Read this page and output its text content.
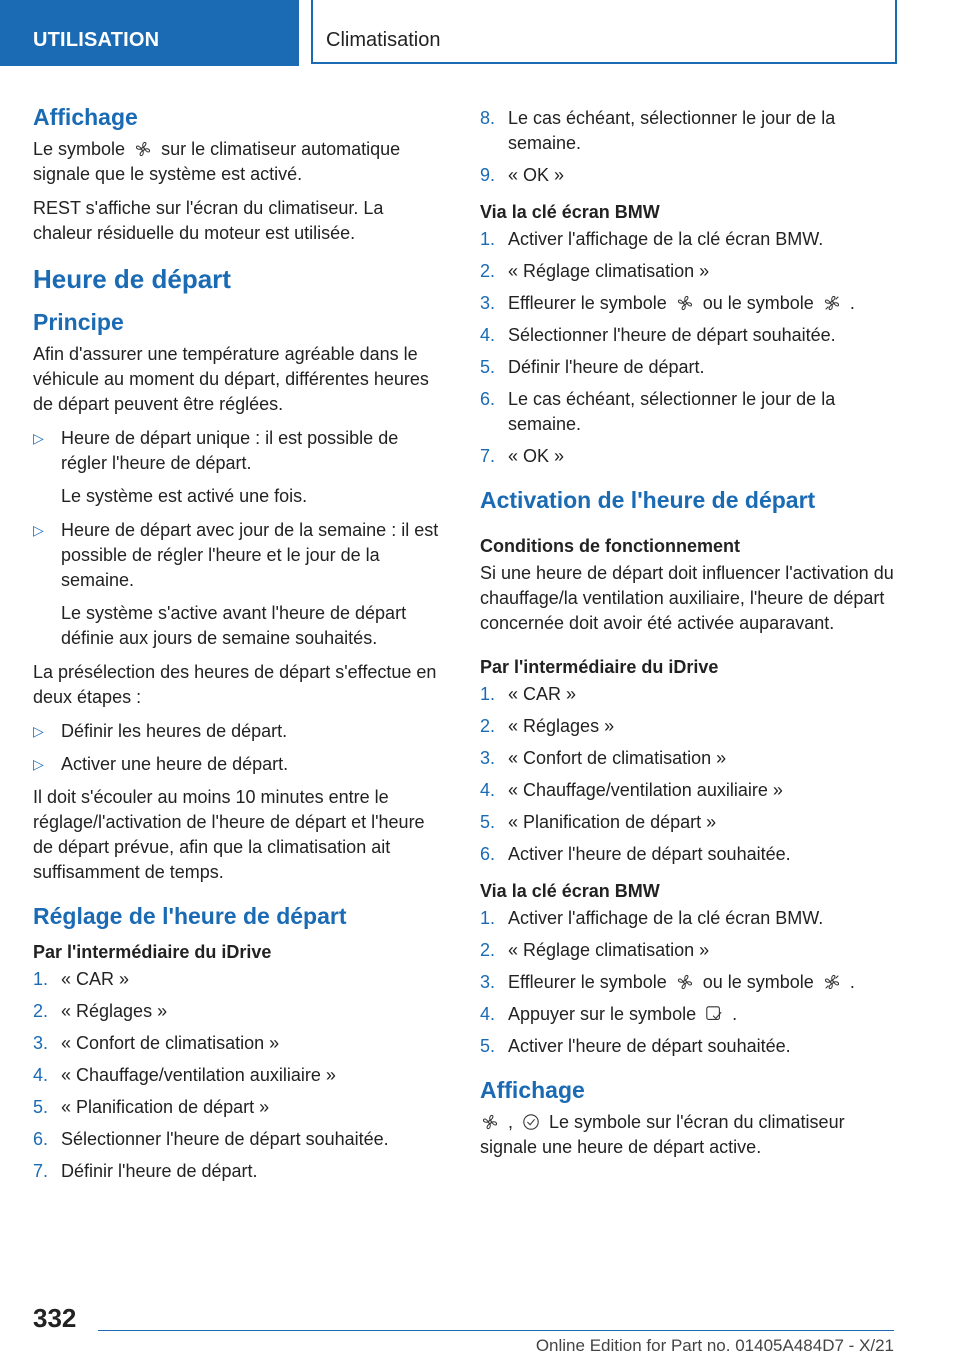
UTILISATION	Climatisation
Affichage

Le symbole sur le climatiseur automatique signale que le système est activé.

REST s'affiche sur l'écran du climatiseur. La chaleur résiduelle du moteur est utilisée.

Heure de départ
Principe

Afin d'assurer une température agréable dans le véhicule au moment du départ, différentes heures de départ peuvent être réglées.

▷ Heure de départ unique : il est possible de régler l'heure de départ.

Le système est activé une fois.

▷ Heure de départ avec jour de la semaine : il est possible de régler l'heure et le jour de la semaine.

Le système s'active avant l'heure de départ définie aux jours de semaine souhaités.

La présélection des heures de départ s'effectue en deux étapes :

▷ Définir les heures de départ.
▷ Activer une heure de départ.

Il doit s'écouler au moins 10 minutes entre le réglage/l'activation de l'heure de départ et l'heure de départ prévue, afin que la climatisation ait suffisamment de temps.

Réglage de l'heure de départ
Par l'intermédiaire du iDrive
1. « CAR »
2. « Réglages »
3. « Confort de climatisation »
4. « Chauffage/ventilation auxiliaire »
5. « Planification de départ »
6. Sélectionner l'heure de départ souhaitée.
7. Définir l'heure de départ.
8. Le cas échéant, sélectionner le jour de la semaine.
9. « OK »
Via la clé écran BMW
1. Activer l'affichage de la clé écran BMW.
2. « Réglage climatisation »
3. Effleurer le symbole ou le symbole .
4. Sélectionner l'heure de départ souhaitée.
5. Définir l'heure de départ.
6. Le cas échéant, sélectionner le jour de la semaine.
7. « OK »
Activation de l'heure de départ
Conditions de fonctionnement

Si une heure de départ doit influencer l'activation du chauffage/la ventilation auxiliaire, l'heure de départ concernée doit avoir été activée auparavant.

Par l'intermédiaire du iDrive
1. « CAR »
2. « Réglages »
3. « Confort de climatisation »
4. « Chauffage/ventilation auxiliaire »
5. « Planification de départ »
6. Activer l'heure de départ souhaitée.
Via la clé écran BMW
1. Activer l'affichage de la clé écran BMW.
2. « Réglage climatisation »
3. Effleurer le symbole ou le symbole .
4. Appuyer sur le symbole .
5. Activer l'heure de départ souhaitée.
Affichage

, Le symbole sur l'écran du climatiseur signale une heure de départ active.

332
Online Edition for Part no. 01405A484D7 - X/21
